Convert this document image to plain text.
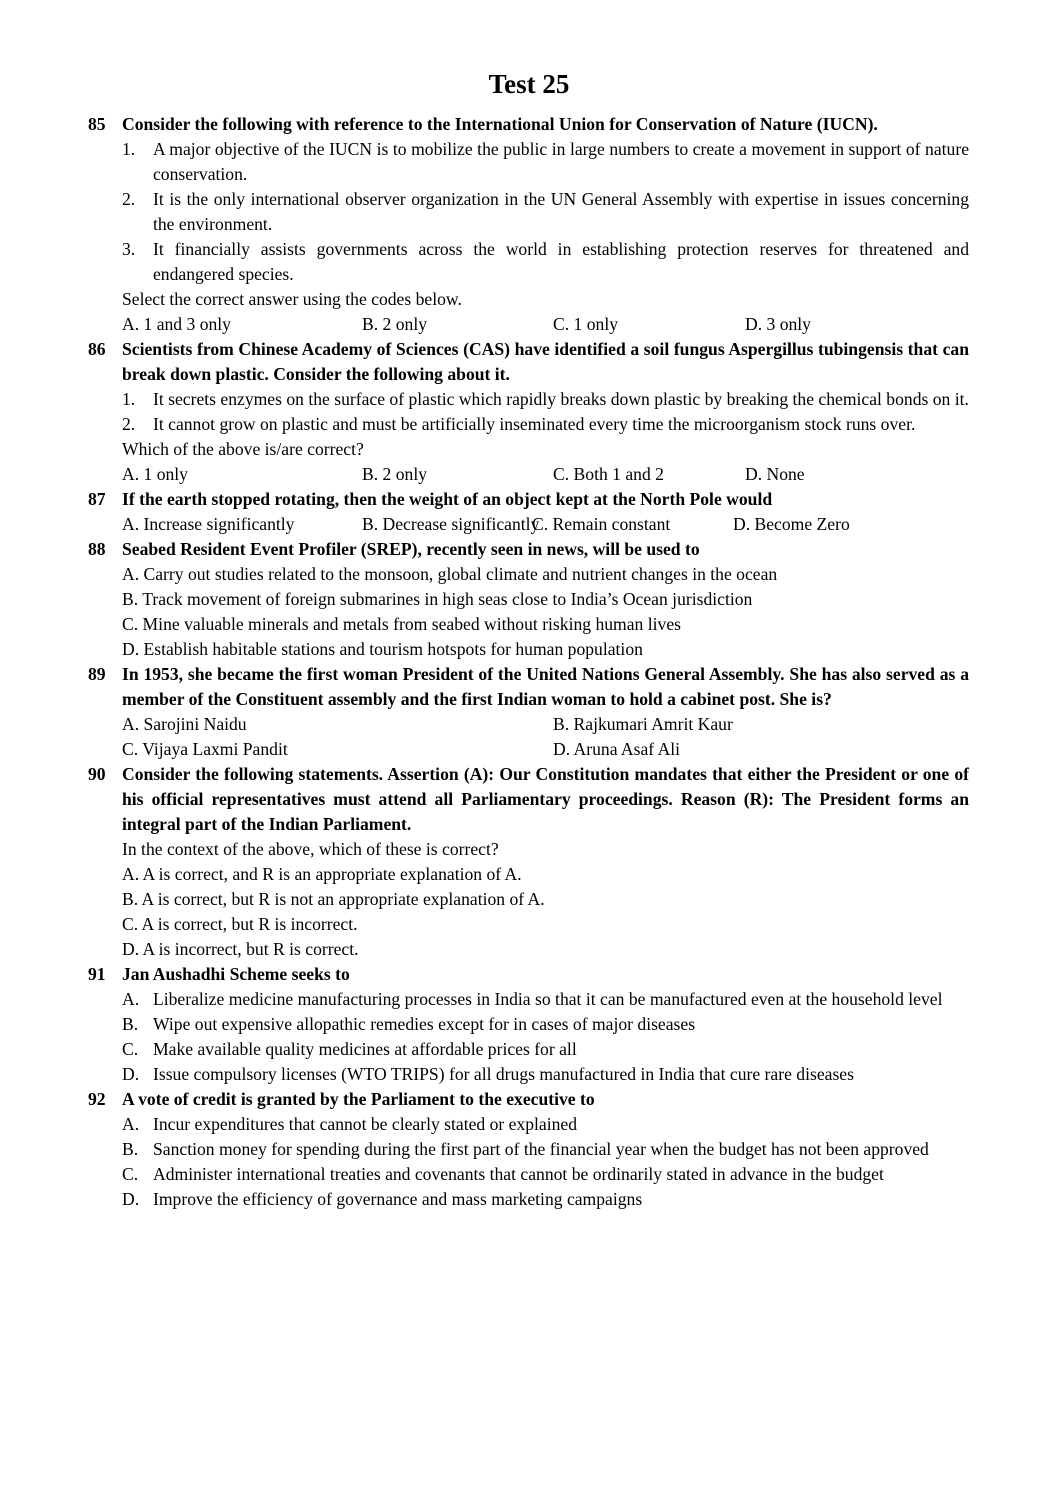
Test 25
85 Consider the following with reference to the International Union for Conservation of Nature (IUCN).
1. A major objective of the IUCN is to mobilize the public in large numbers to create a movement in support of nature conservation.
2. It is the only international observer organization in the UN General Assembly with expertise in issues concerning the environment.
3. It financially assists governments across the world in establishing protection reserves for threatened and endangered species.
Select the correct answer using the codes below.
A. 1 and 3 only	B. 2 only	C. 1 only	D. 3 only
86 Scientists from Chinese Academy of Sciences (CAS) have identified a soil fungus Aspergillus tubingensis that can break down plastic. Consider the following about it.
1. It secrets enzymes on the surface of plastic which rapidly breaks down plastic by breaking the chemical bonds on it.
2. It cannot grow on plastic and must be artificially inseminated every time the microorganism stock runs over.
Which of the above is/are correct?
A. 1 only	B. 2 only	C. Both 1 and 2	D. None
87 If the earth stopped rotating, then the weight of an object kept at the North Pole would
A. Increase significantly	B. Decrease significantly
C. Remain constant	D. Become Zero
88 Seabed Resident Event Profiler (SREP), recently seen in news, will be used to
A. Carry out studies related to the monsoon, global climate and nutrient changes in the ocean
B. Track movement of foreign submarines in high seas close to India’s Ocean jurisdiction
C. Mine valuable minerals and metals from seabed without risking human lives
D. Establish habitable stations and tourism hotspots for human population
89 In 1953, she became the first woman President of the United Nations General Assembly. She has also served as a member of the Constituent assembly and the first Indian woman to hold a cabinet post. She is?
A. Sarojini Naidu	B. Rajkumari Amrit Kaur
C. Vijaya Laxmi Pandit	D. Aruna Asaf Ali
90 Consider the following statements. Assertion (A): Our Constitution mandates that either the President or one of his official representatives must attend all Parliamentary proceedings. Reason (R): The President forms an integral part of the Indian Parliament.
In the context of the above, which of these is correct?
A. A is correct, and R is an appropriate explanation of A.
B. A is correct, but R is not an appropriate explanation of A.
C. A is correct, but R is incorrect.
D. A is incorrect, but R is correct.
91 Jan Aushadhi Scheme seeks to
A. Liberalize medicine manufacturing processes in India so that it can be manufactured even at the household level
B. Wipe out expensive allopathic remedies except for in cases of major diseases
C. Make available quality medicines at affordable prices for all
D. Issue compulsory licenses (WTO TRIPS) for all drugs manufactured in India that cure rare diseases
92 A vote of credit is granted by the Parliament to the executive to
A. Incur expenditures that cannot be clearly stated or explained
B. Sanction money for spending during the first part of the financial year when the budget has not been approved
C. Administer international treaties and covenants that cannot be ordinarily stated in advance in the budget
D. Improve the efficiency of governance and mass marketing campaigns
